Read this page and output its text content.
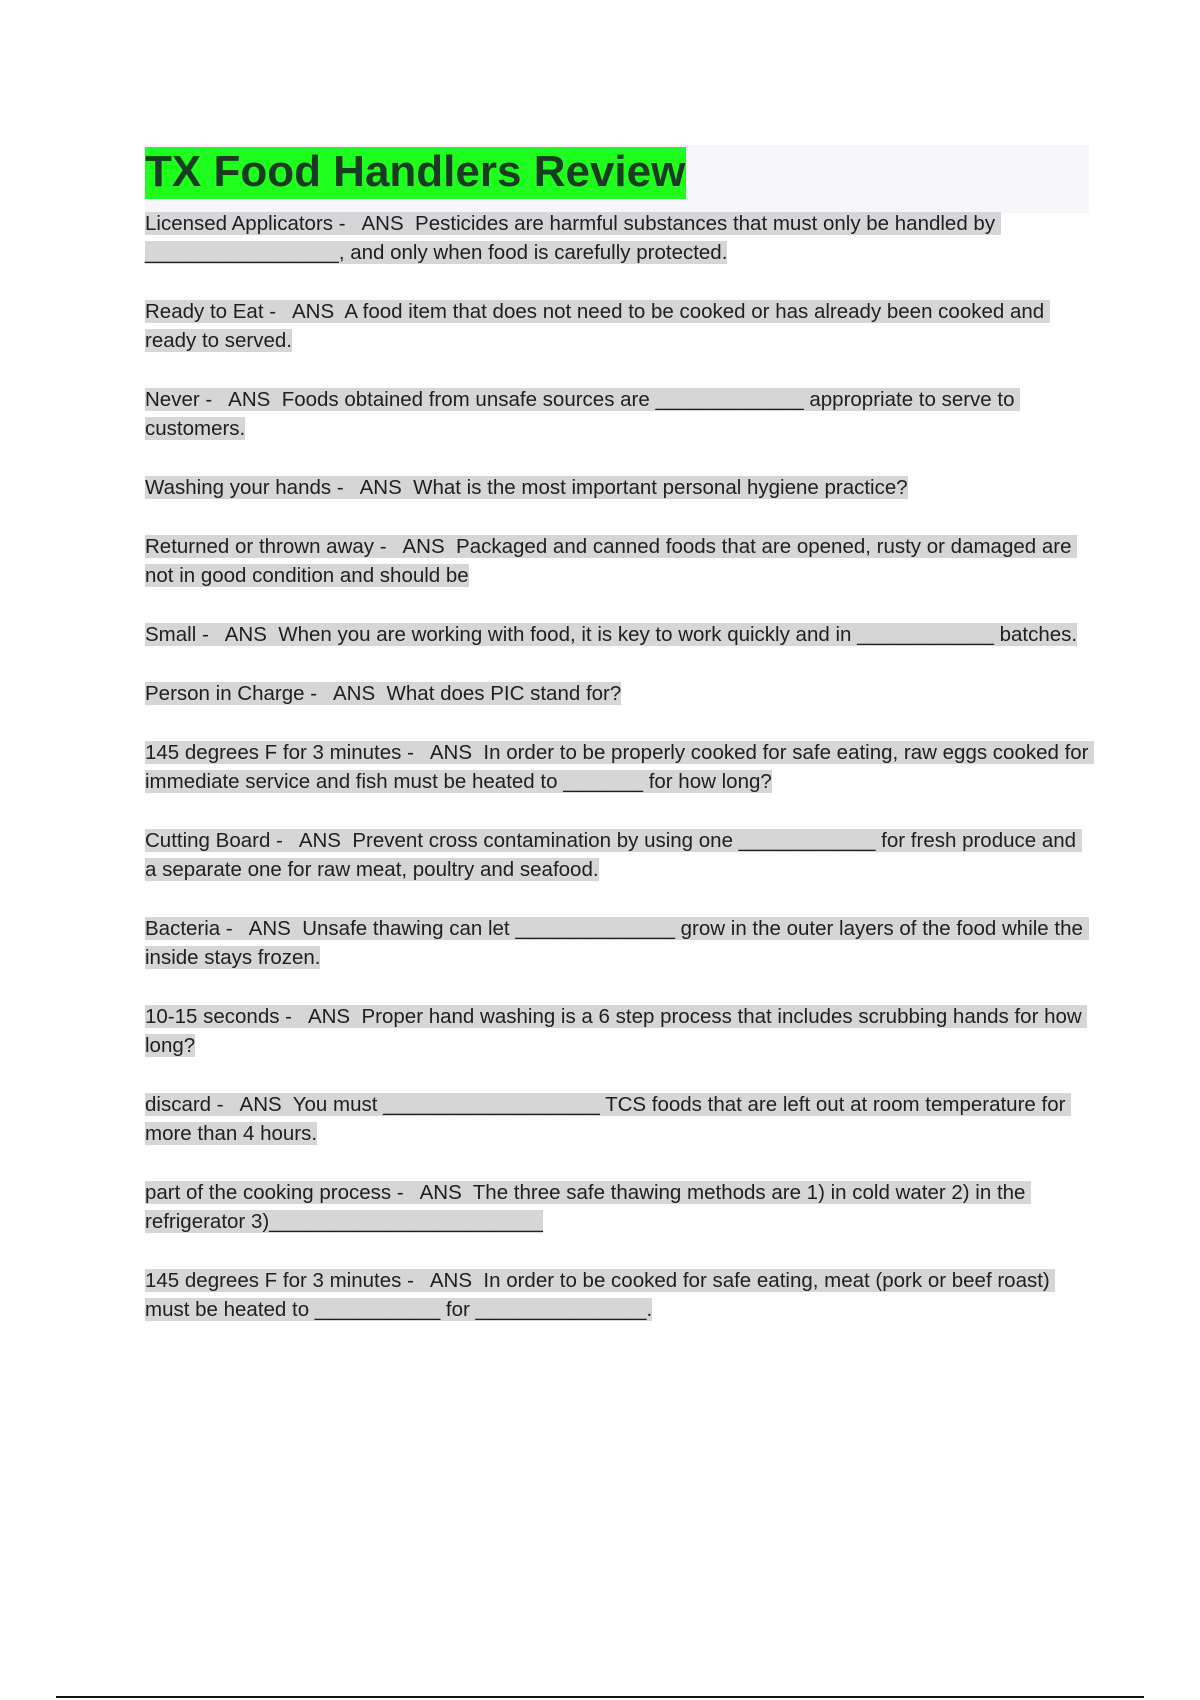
TX Food Handlers Review

Licensed Applicators -   ANS  Pesticides are harmful substances that must only be handled by _________________, and only when food is carefully protected.

Ready to Eat -   ANS  A food item that does not need to be cooked or has already been cooked and ready to served.

Never -   ANS  Foods obtained from unsafe sources are _____________ appropriate to serve to customers.

Washing your hands -   ANS  What is the most important personal hygiene practice?

Returned or thrown away -   ANS  Packaged and canned foods that are opened, rusty or damaged are not in good condition and should be

Small -   ANS  When you are working with food, it is key to work quickly and in ____________ batches.

Person in Charge -   ANS  What does PIC stand for?

145 degrees F for 3 minutes -   ANS  In order to be properly cooked for safe eating, raw eggs cooked for immediate service and fish must be heated to _______ for how long?

Cutting Board -   ANS  Prevent cross contamination by using one ____________ for fresh produce and a separate one for raw meat, poultry and seafood.

Bacteria -   ANS  Unsafe thawing can let ______________ grow in the outer layers of the food while the inside stays frozen.

10-15 seconds -   ANS  Proper hand washing is a 6 step process that includes scrubbing hands for how long?

discard -   ANS  You must ___________________ TCS foods that are left out at room temperature for more than 4 hours.

part of the cooking process -   ANS  The three safe thawing methods are 1) in cold water 2) in the refrigerator 3)________________________

145 degrees F for 3 minutes -   ANS  In order to be cooked for safe eating, meat (pork or beef roast) must be heated to ___________ for _______________.
